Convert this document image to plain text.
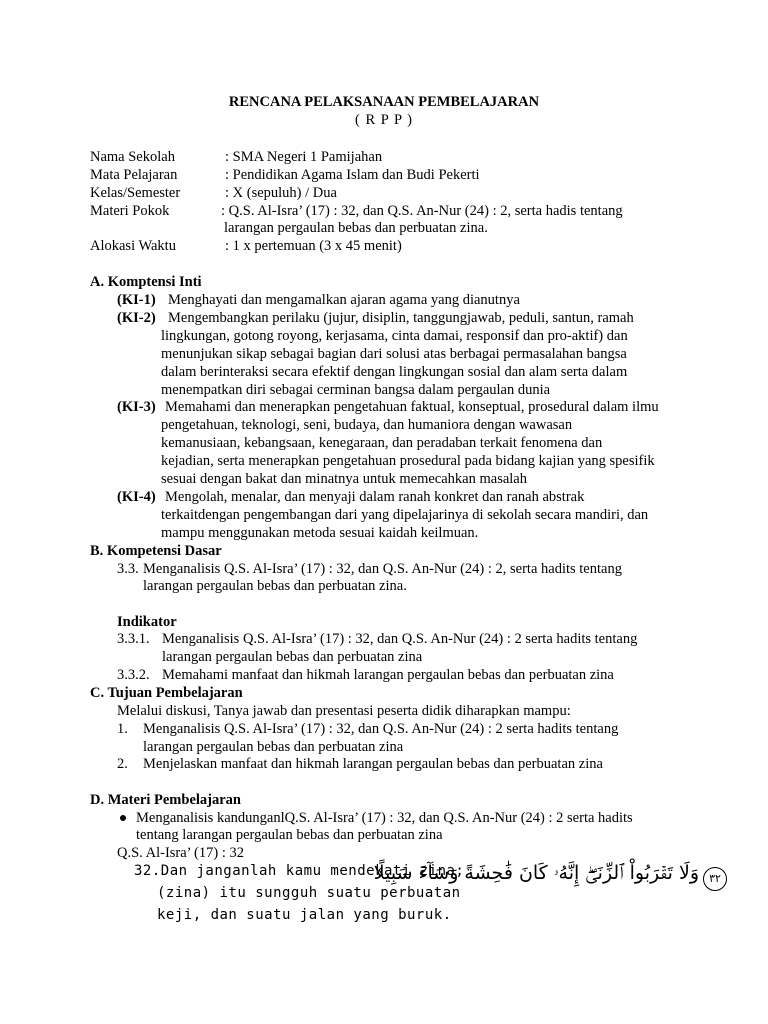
RENCANA PELAKSANAAN PEMBELAJARAN
( R P P )
Nama Sekolah	: SMA Negeri 1 Pamijahan
Mata Pelajaran	: Pendidikan Agama Islam dan Budi Pekerti
Kelas/Semester	: X (sepuluh) / Dua
Materi Pokok	: Q.S. Al-Isra’ (17) : 32, dan Q.S. An-Nur (24) : 2, serta hadis tentang
larangan pergaulan bebas dan perbuatan zina.
Alokasi Waktu	: 1 x pertemuan (3 x 45 menit)
A. Komptensi Inti
(KI-1) Menghayati dan mengamalkan ajaran agama yang dianutnya
(KI-2) Mengembangkan perilaku (jujur, disiplin, tanggungjawab, peduli, santun, ramah
lingkungan, gotong royong, kerjasama, cinta damai, responsif dan pro-aktif) dan
menunjukan sikap sebagai bagian dari solusi atas berbagai permasalahan bangsa
dalam berinteraksi secara efektif dengan lingkungan sosial dan alam serta dalam
menempatkan diri sebagai cerminan bangsa dalam pergaulan dunia
(KI-3) Memahami dan menerapkan pengetahuan faktual, konseptual, prosedural dalam ilmu
pengetahuan, teknologi, seni, budaya, dan humaniora dengan wawasan
kemanusiaan, kebangsaan, kenegaraan, dan peradaban terkait fenomena dan
kejadian, serta menerapkan pengetahuan prosedural pada bidang kajian yang spesifik
sesuai dengan bakat dan minatnya untuk memecahkan masalah
(KI-4) Mengolah, menalar, dan menyaji dalam ranah konkret dan ranah abstrak
terkaitdengan pengembangan dari yang dipelajarinya di sekolah secara mandiri, dan
mampu menggunakan metoda sesuai kaidah keilmuan.
B. Kompetensi Dasar
3.3. Menganalisis Q.S. Al-Isra’ (17) : 32, dan Q.S. An-Nur (24) : 2, serta hadits tentang
larangan pergaulan bebas dan perbuatan zina.
Indikator
3.3.1. Menganalisis Q.S. Al-Isra’ (17) : 32, dan Q.S. An-Nur (24) : 2 serta hadits tentang
larangan pergaulan bebas dan perbuatan zina
3.3.2. Memahami manfaat dan hikmah larangan pergaulan bebas dan perbuatan zina
C. Tujuan Pembelajaran
Melalui diskusi, Tanya jawab dan presentasi peserta didik diharapkan mampu:
1. Menganalisis Q.S. Al-Isra’ (17) : 32, dan Q.S. An-Nur (24) : 2 serta hadits tentang
larangan pergaulan bebas dan perbuatan zina
2. Menjelaskan manfaat dan hikmah larangan pergaulan bebas dan perbuatan zina
D. Materi Pembelajaran
Menganalisis kandunganlQ.S. Al-Isra’ (17) : 32, dan Q.S. An-Nur (24) : 2 serta hadits
tentang larangan pergaulan bebas dan perbuatan zina
Q.S. Al-Isra’ (17) : 32
32.Dan janganlah kamu mendekati zina;
(zina) itu sungguh suatu perbuatan
keji, dan suatu jalan yang buruk.
وَلَا تَقۡرَبُواْ ٱلزِّنَىٰٓۖ إِنَّهُۥ كَانَ فَٰحِشَةً وَسَآءَ سَبِيلًا ٣٢
